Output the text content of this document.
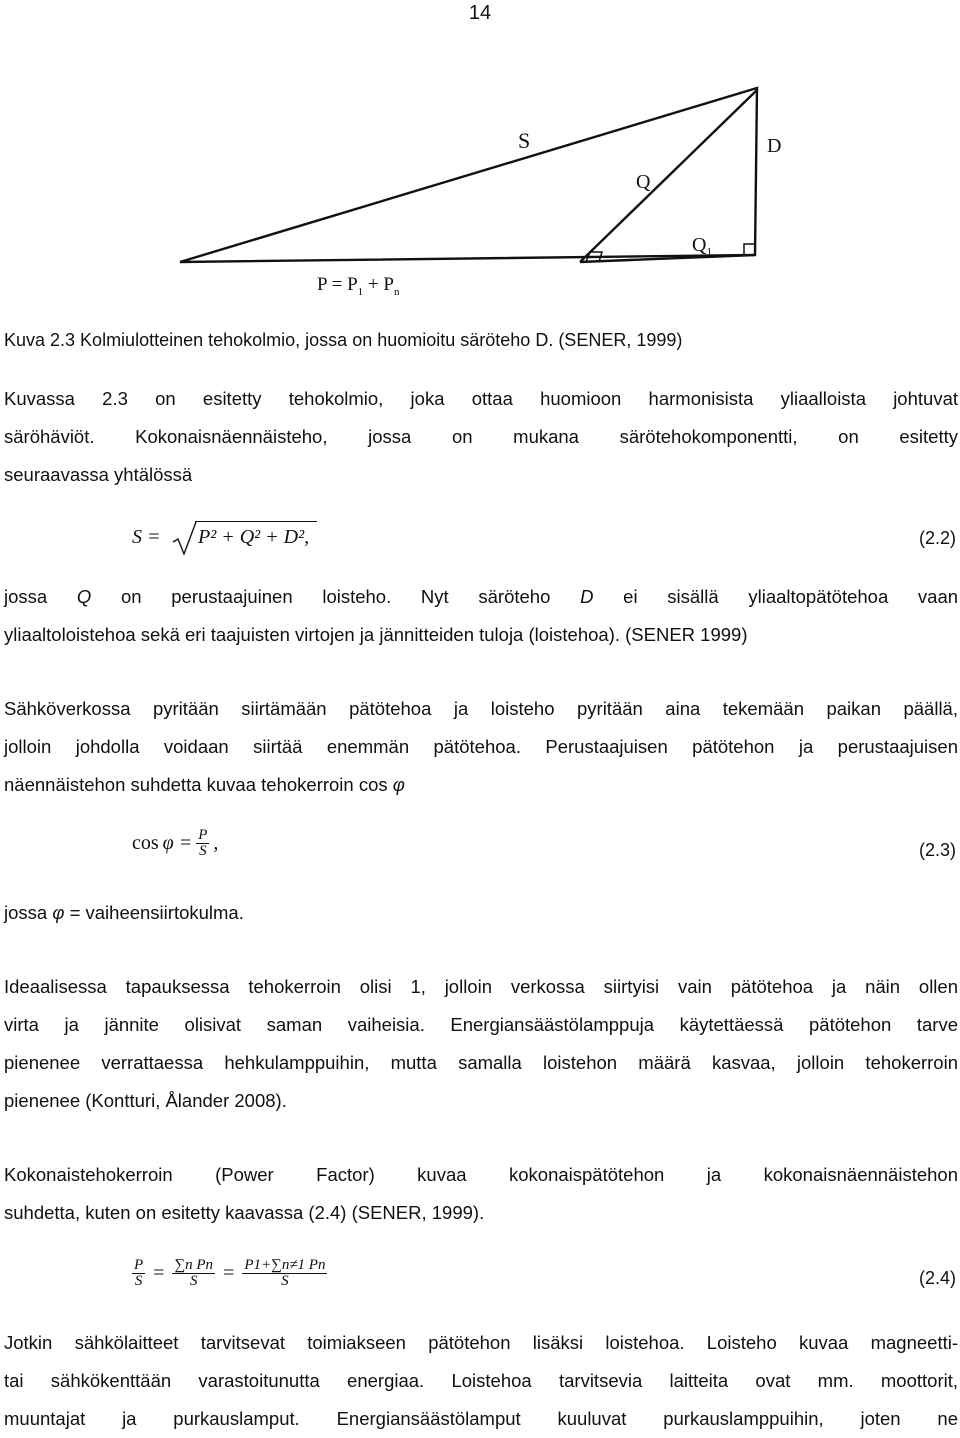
14
S
Q
D
$Q_1$
$P = P_1 + P_n$
Kuva 2.3 Kolmiulotteinen tehokolmio, jossa on huomioitu säröteho D. (SENER, 1999)
Kuvassa 2.3 on esitetty tehokolmio, joka ottaa huomioon harmonisista yliaalloista johtuvat
säröhäviöt. Kokonaisnäennäisteho, jossa on mukana särötehokomponentti, on esitetty
seuraavassa yhtälössä
S = P² + Q² + D²,	(2.2)
jossa Q on perustaajuinen loisteho. Nyt säröteho D ei sisällä yliaaltopätötehoa vaan
yliaaltoloistehoa sekä eri taajuisten virtojen ja jännitteiden tuloja (loistehoa). (SENER 1999)
Sähköverkossa pyritään siirtämään pätötehoa ja loisteho pyritään aina tekemään paikan päällä,
jolloin johdolla voidaan siirtää enemmän pätötehoa. Perustaajuisen pätötehon ja perustaajuisen
näennäistehon suhdetta kuvaa tehokerroin cos φ
$\cos \varphi = \frac{P}{S}$ ,	(2.3)
jossa φ = vaiheensiirtokulma.
Ideaalisessa tapauksessa tehokerroin olisi 1, jolloin verkossa siirtyisi vain pätötehoa ja näin ollen
virta ja jännite olisivat saman vaiheisia. Energiansäästölamppuja käytettäessä pätötehon tarve
pienenee verrattaessa hehkulamppuihin, mutta samalla loistehon määrä kasvaa, jolloin tehokerroin
pienenee (Kontturi, Ålander 2008).
Kokonaistehokerroin (Power Factor) kuvaa kokonaispätötehon ja kokonaisnäennäistehon
suhdetta, kuten on esitetty kaavassa (2.4) (SENER, 1999).
$\frac{P}{S} = \frac{\text{∑n Pn}}{S} = \frac{P1+\sum n\ne 1 Pn}{S}$	(2.4)
Jotkin sähkölaitteet tarvitsevat toimiakseen pätötehon lisäksi loistehoa. Loisteho kuvaa magneetti-
tai sähkökenttään varastoitunutta energiaa. Loistehoa tarvitsevia laitteita ovat mm. moottorit,
muuntajat ja purkauslamput. Energiansäästölamput kuuluvat purkauslamppuihin, joten ne
